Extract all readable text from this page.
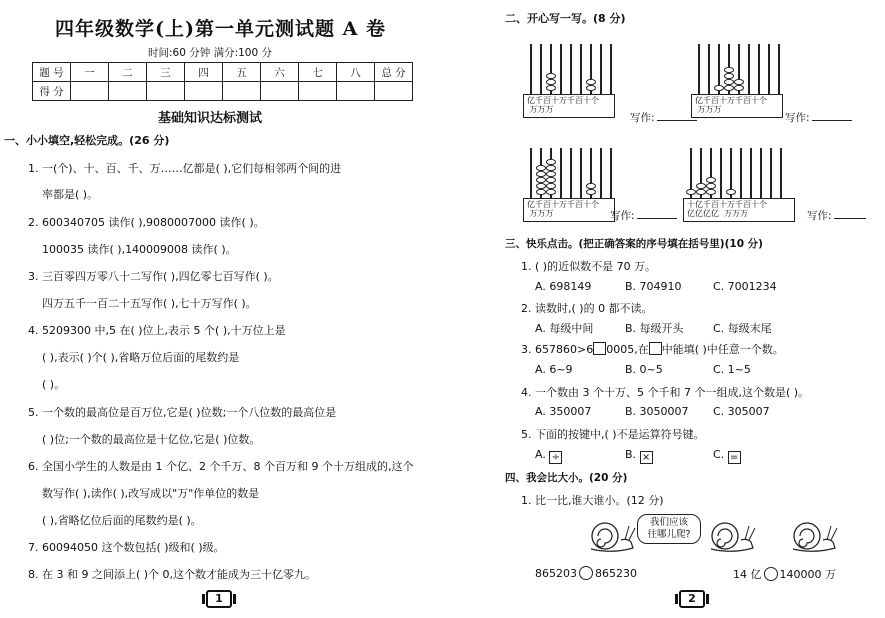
四年级数学(上)第一单元测试题 A 卷
时间:60 分钟 满分:100 分
题 号	一	二	三	四	五	六	七	八	总 分
得 分									
基础知识达标测试
一、小小填空,轻松完成。(26 分)
1. 一(个)、十、百、千、万……亿都是( ),它们每相邻两个间的进
率都是( )。
2. 600340705 读作( ),9080007000 读作( )。
100035 读作( ),140009008 读作( )。
3. 三百零四万零八十二写作( ),四亿零七百写作( )。
四万五千一百二十五写作( ),七十万写作( )。
4. 5209300 中,5 在( )位上,表示 5 个( ),十万位上是
( ),表示( )个( ),省略万位后面的尾数约是
( )。
5. 一个数的最高位是百万位,它是( )位数;一个八位数的最高位是
( )位;一个数的最高位是十亿位,它是( )位数。
6. 全国小学生的人数是由 1 个亿、2 个千万、8 个百万和 9 个十万组成的,这个
数写作( ),读作( ),改写成以"万"作单位的数是
( ),省略亿位后面的尾数约是( )。
7. 60094050 这个数包括( )级和( )级。
8. 在 3 和 9 之间添上( )个 0,这个数才能成为三十亿零九。
1
二、开心写一写。(8 分)
亿千百十万千百十个
万万万
写作:
亿千百十万千百十个
万万万
写作:
亿千百十万千百十个
万万万	写作:
十亿千百十万千百十个
亿亿亿亿  万万万	写作:
三、快乐点击。(把正确答案的序号填在括号里)(10 分)
1. ( )的近似数不是 70 万。
A. 698149	B. 704910	C. 7001234
2. 读数时,( )的 0 都不读。
A. 每级中间	B. 每级开头	C. 每级末尾
3. 657860>6 0005,在 中能填( )中任意一个数。
A. 6~9	B. 0~5	C. 1~5
4. 一个数由 3 个十万、5 个千和 7 个一组成,这个数是( )。
A. 350007	B. 3050007 C. 305007
5. 下面的按键中,( )不是运算符号键。
A. ÷	B. ×	C. =
四、我会比大小。(20 分)
1. 比一比,谁大谁小。(12 分)
我们应该
往哪儿爬?
865203 865230	14 亿 140000 万
2
